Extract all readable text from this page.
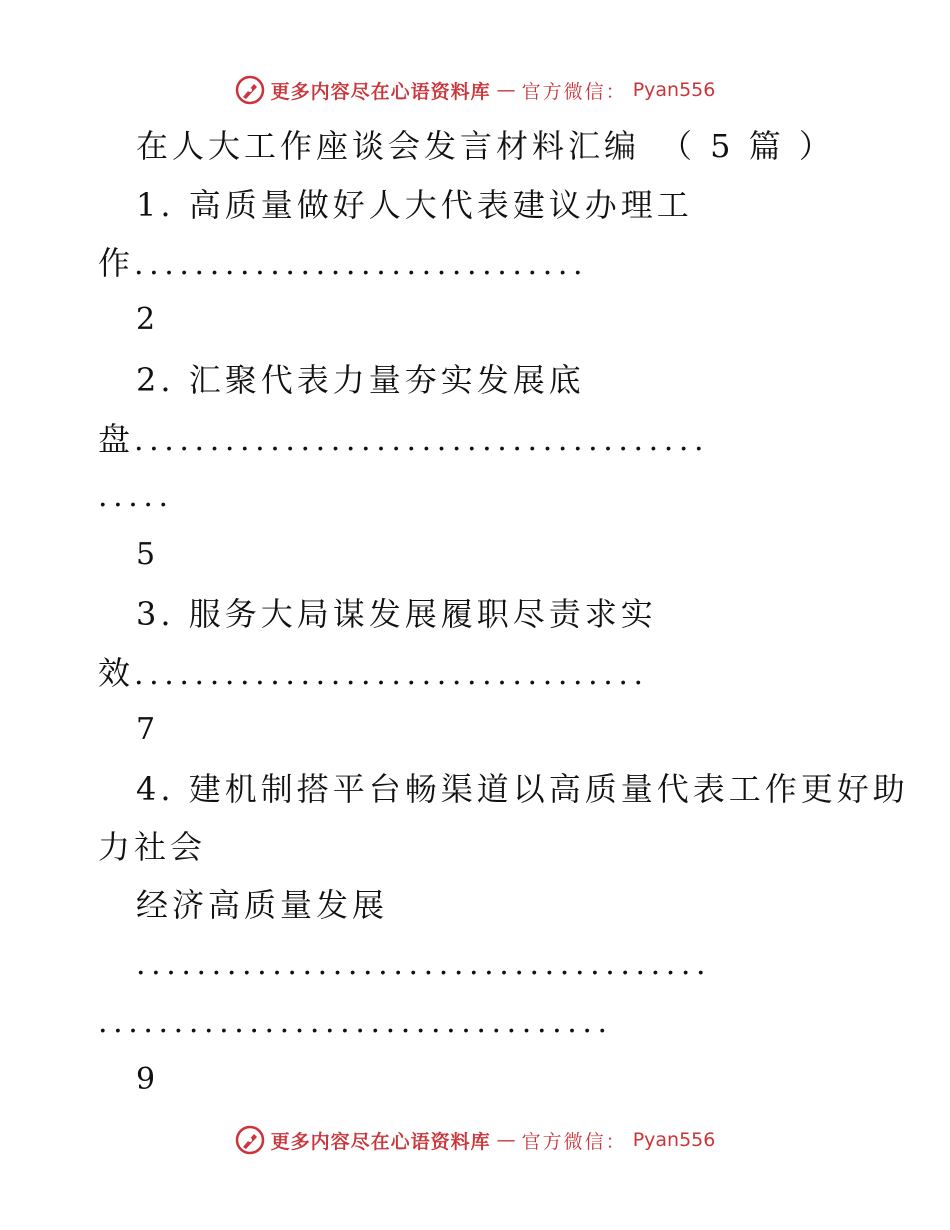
更多内容尽在心语资料库 — 官方微信： Pyan556
在人大工作座谈会发言材料汇编　（ 5 篇 ）
1. 高质量做好人大代表建议办理工
作..............................
2
2. 汇聚代表力量夯实发展底
盘......................................
.....
5
3. 服务大局谋发展履职尽责求实
效..................................
7
4. 建机制搭平台畅渠道以高质量代表工作更好助
力社会
经济高质量发展
......................................
..................................
9
更多内容尽在心语资料库 — 官方微信： Pyan556
